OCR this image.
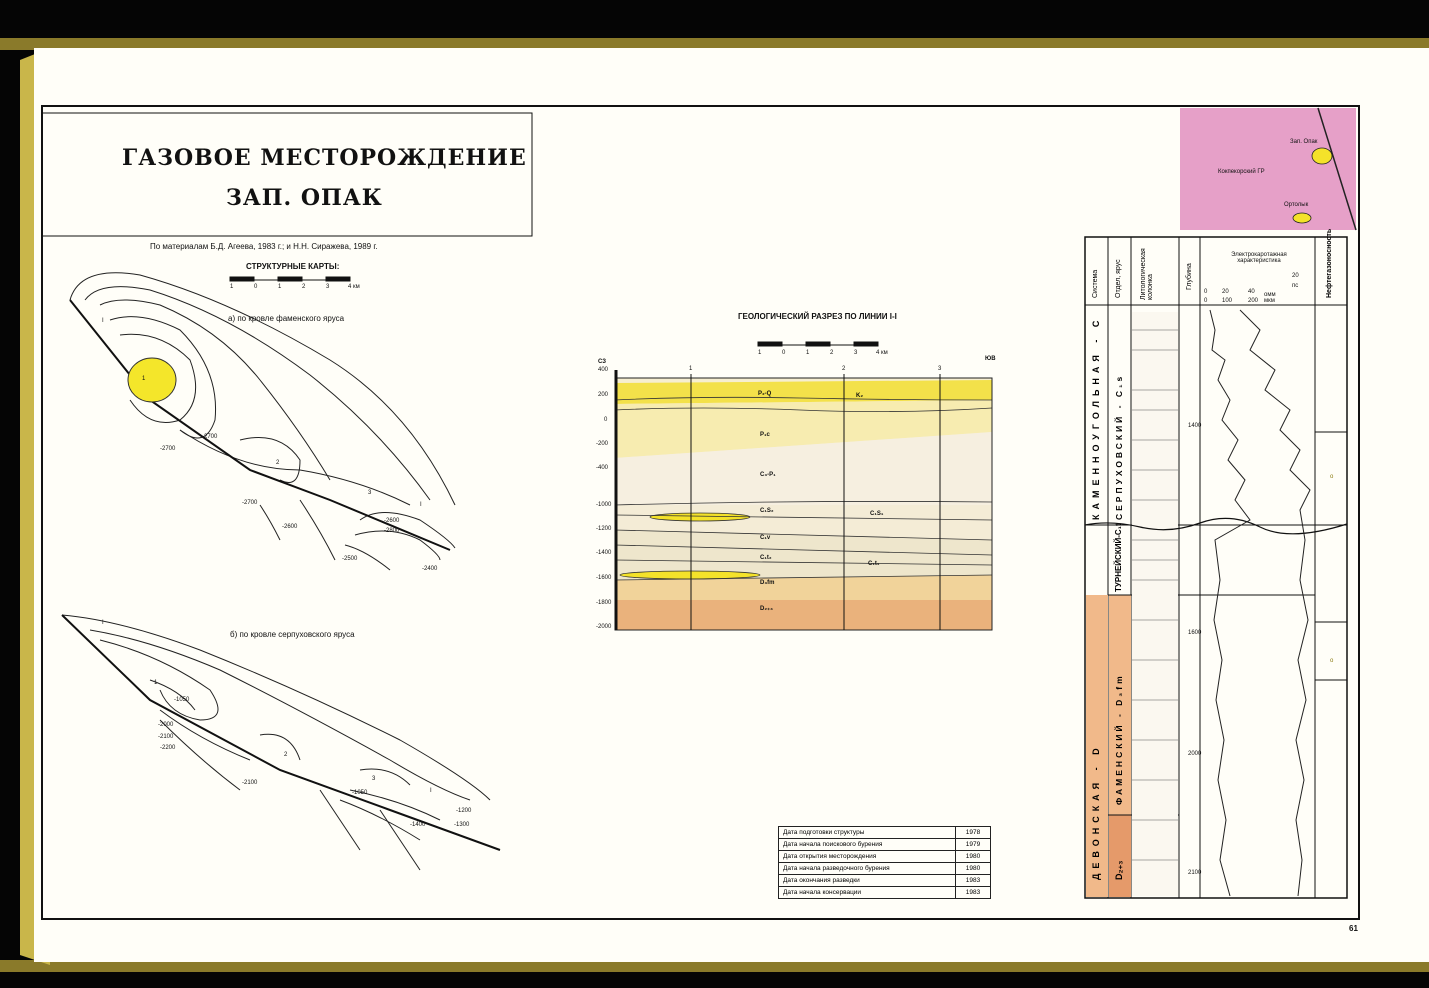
ГАЗОВОЕ МЕСТОРОЖДЕНИЕ
ЗАП. ОПАК
По материалам Б.Д. Агеева, 1983 г.; и Н.Н. Сиражева, 1989 г.
СТРУКТУРНЫЕ КАРТЫ:
1	0	1	2	3	4 км
а) по кровле фаменского яруса
б) по кровле серпуховского яруса
-2700
-2700
-2700
-2600
-2500
-2400
-2600
-2800
I
1
2
3
I
-1050
-2000
-2100
-2200
-2100
-1050
-1200
-1300
-1400
I
1
2
3
I
ГЕОЛОГИЧЕСКИЙ РАЗРЕЗ ПО ЛИНИИ I-I
1	0	1	2	3	4 км
СЗ	ЮВ
400
200
0
-200
-400
-1000
-1200
-1400
-1600
-1800
-2000
1	2	3
P₂-Q	K₂
P₁c
C₃-P₁
C₁S₂	C₁S₁
C₁v
C₁t₂
C₁t₁
D₃fm
D₂₊₃
Зап. Опак
Кокпекорский ГР
Ортолык
Система Отдел, ярус	Литологическая колонка	Глубина
Электрокаротажная характеристика	Нефтегазоносность
0 20	40 омм
0 100	200 мкм
20
пс
КАМЕННОУГОЛЬНАЯ - С
ДЕВОНСКАЯ - D
СЕРПУХОВСКИЙ - С₁s
ТУРНЕЙСКИЙ-С₁t
ФАМЕНСКИЙ - D₃fm
D₂₊₃
1400
1600
2000
2100
o
o
Дата подготовки структуры	1978
Дата начала поискового бурения	1979
Дата открытия месторождения	1980
Дата начала разведочного бурения	1980
Дата окончания разведки	1983
Дата начала консервации	1983
61
